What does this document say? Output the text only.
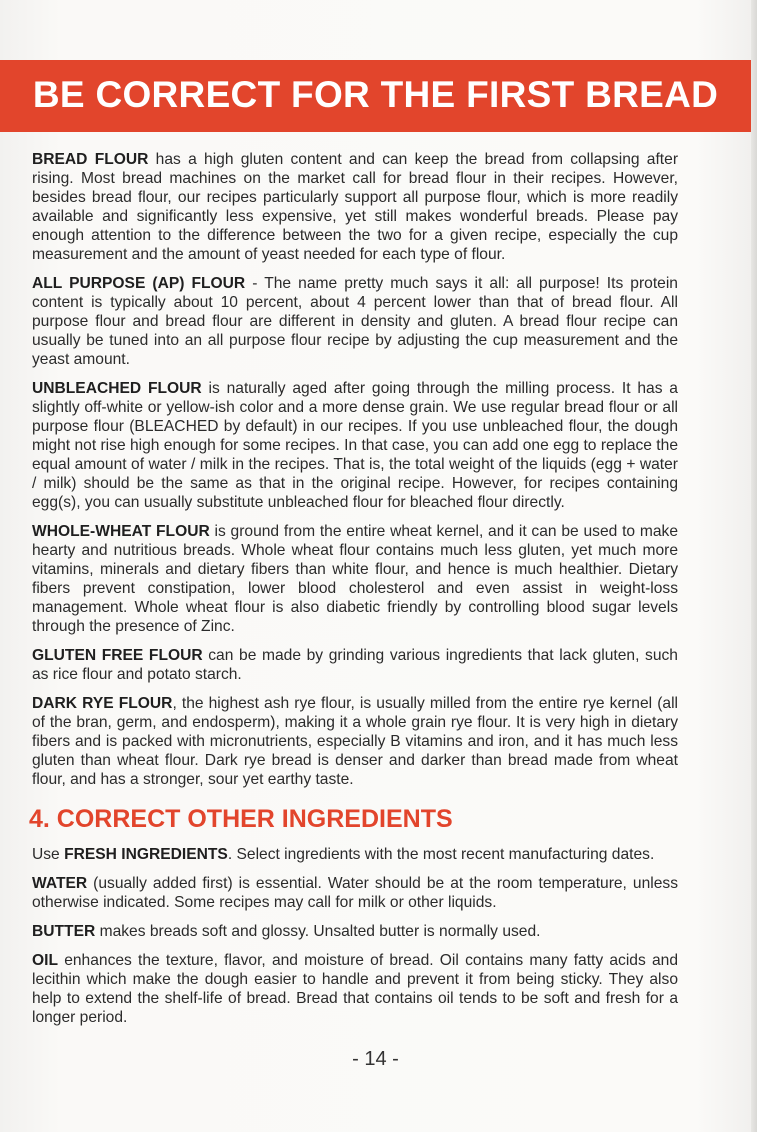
BE CORRECT FOR THE FIRST BREAD

BREAD FLOUR has a high gluten content and can keep the bread from collapsing after rising. Most bread machines on the market call for bread flour in their recipes. However, besides bread flour, our recipes particularly support all purpose flour, which is more readily available and significantly less expensive, yet still makes wonderful breads. Please pay enough attention to the difference between the two for a given recipe, especially the cup measurement and the amount of yeast needed for each type of flour.

ALL PURPOSE (AP) FLOUR - The name pretty much says it all: all purpose! Its protein content is typically about 10 percent, about 4 percent lower than that of bread flour. All purpose flour and bread flour are different in density and gluten. A bread flour recipe can usually be tuned into an all purpose flour recipe by adjusting the cup measurement and the yeast amount.

UNBLEACHED FLOUR is naturally aged after going through the milling process. It has a slightly off-white or yellow-ish color and a more dense grain. We use regular bread flour or all purpose flour (BLEACHED by default) in our recipes. If you use unbleached flour, the dough might not rise high enough for some recipes. In that case, you can add one egg to replace the equal amount of water / milk in the recipes. That is, the total weight of the liquids (egg + water / milk) should be the same as that in the original recipe. However, for recipes containing egg(s), you can usually substitute unbleached flour for bleached flour directly.

WHOLE-WHEAT FLOUR is ground from the entire wheat kernel, and it can be used to make hearty and nutritious breads. Whole wheat flour contains much less gluten, yet much more vitamins, minerals and dietary fibers than white flour, and hence is much healthier. Dietary fibers prevent constipation, lower blood cholesterol and even assist in weight-loss management. Whole wheat flour is also diabetic friendly by controlling blood sugar levels through the presence of Zinc.

GLUTEN FREE FLOUR can be made by grinding various ingredients that lack gluten, such as rice flour and potato starch.

DARK RYE FLOUR, the highest ash rye flour, is usually milled from the entire rye kernel (all of the bran, germ, and endosperm), making it a whole grain rye flour. It is very high in dietary fibers and is packed with micronutrients, especially B vitamins and iron, and it has much less gluten than wheat flour. Dark rye bread is denser and darker than bread made from wheat flour, and has a stronger, sour yet earthy taste.

4. CORRECT OTHER INGREDIENTS

Use FRESH INGREDIENTS. Select ingredients with the most recent manufacturing dates.

WATER (usually added first) is essential. Water should be at the room temperature, unless otherwise indicated. Some recipes may call for milk or other liquids.

BUTTER makes breads soft and glossy. Unsalted butter is normally used.

OIL enhances the texture, flavor, and moisture of bread. Oil contains many fatty acids and lecithin which make the dough easier to handle and prevent it from being sticky. They also help to extend the shelf-life of bread. Bread that contains oil tends to be soft and fresh for a longer period.

- 14 -
